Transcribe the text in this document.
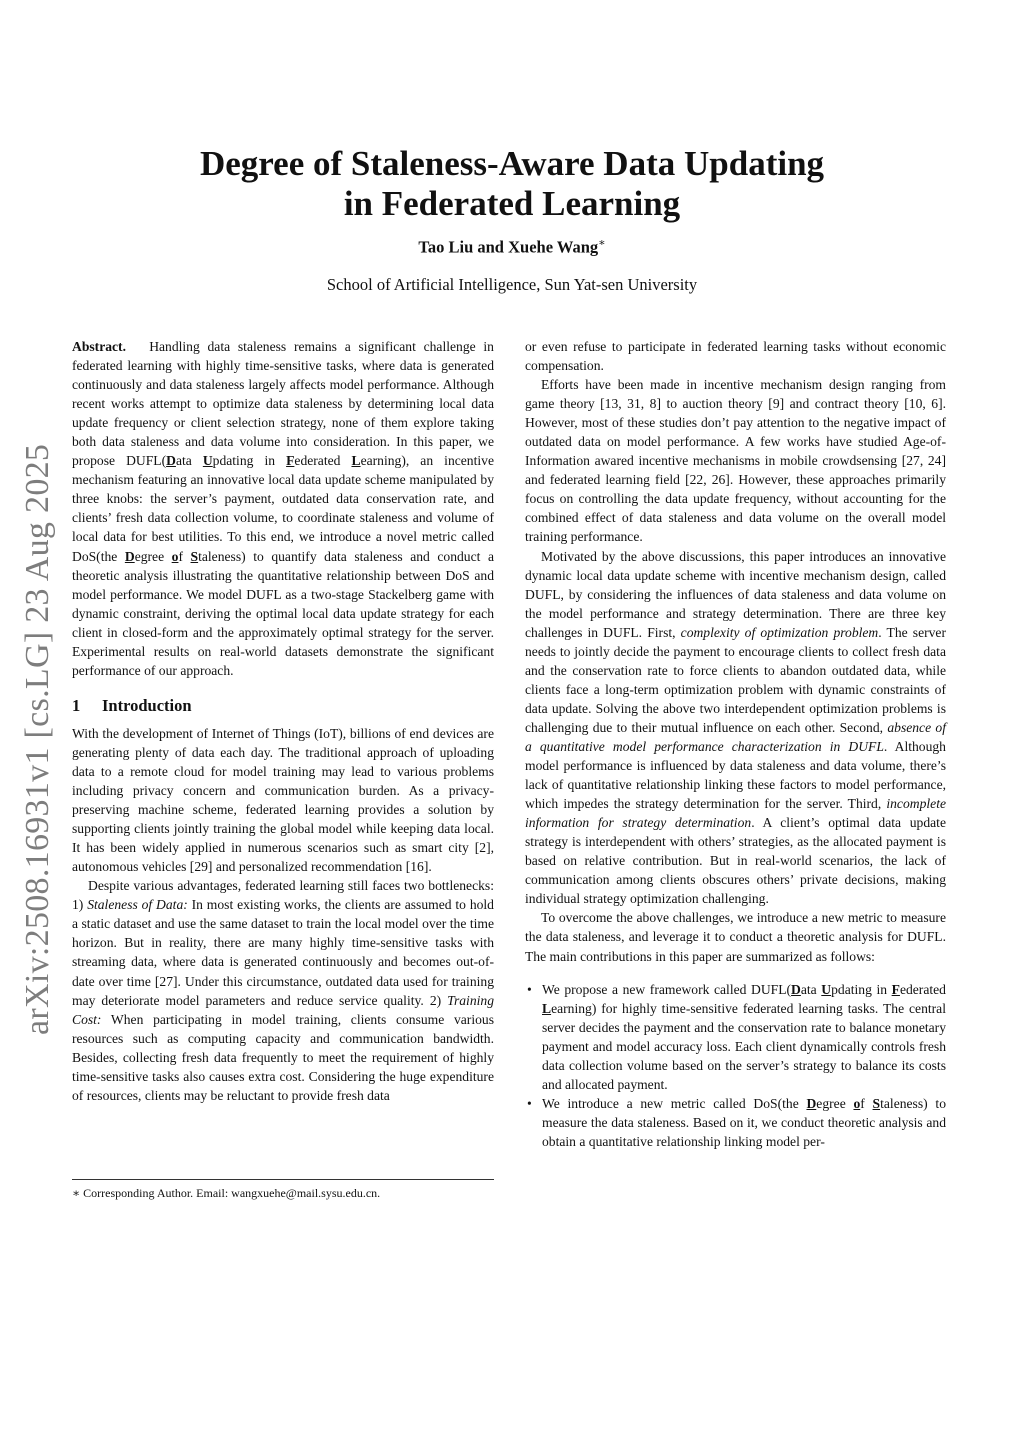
arXiv:2508.16931v1 [cs.LG] 23 Aug 2025
Degree of Staleness-Aware Data Updating
in Federated Learning
Tao Liu and Xuehe Wang∗
School of Artificial Intelligence, Sun Yat-sen University

Abstract. Handling data staleness remains a significant challenge in federated learning with highly time-sensitive tasks, where data is generated continuously and data staleness largely affects model performance. Although recent works attempt to optimize data staleness by determining local data update frequency or client selection strategy, none of them explore taking both data staleness and data volume into consideration. In this paper, we propose DUFL(Data Updating in Federated Learning), an incentive mechanism featuring an innovative local data update scheme manipulated by three knobs: the server’s payment, outdated data conservation rate, and clients’ fresh data collection volume, to coordinate staleness and volume of local data for best utilities. To this end, we introduce a novel metric called DoS(the Degree of Staleness) to quantify data staleness and conduct a theoretic analysis illustrating the quantitative relationship between DoS and model performance. We model DUFL as a two-stage Stackelberg game with dynamic constraint, deriving the optimal local data update strategy for each client in closed-form and the approximately optimal strategy for the server. Experimental results on real-world datasets demonstrate the significant performance of our approach.

1 Introduction

With the development of Internet of Things (IoT), billions of end devices are generating plenty of data each day. The traditional approach of uploading data to a remote cloud for model training may lead to various problems including privacy concern and communication burden. As a privacy-preserving machine scheme, federated learning provides a solution by supporting clients jointly training the global model while keeping data local. It has been widely applied in numerous scenarios such as smart city [2], autonomous vehicles [29] and personalized recommendation [16].

Despite various advantages, federated learning still faces two bottlenecks: 1) Staleness of Data: In most existing works, the clients are assumed to hold a static dataset and use the same dataset to train the local model over the time horizon. But in reality, there are many highly time-sensitive tasks with streaming data, where data is generated continuously and becomes out-of-date over time [27]. Under this circumstance, outdated data used for training may deteriorate model parameters and reduce service quality. 2) Training Cost: When participating in model training, clients consume various resources such as computing capacity and communication bandwidth. Besides, collecting fresh data frequently to meet the requirement of highly time-sensitive tasks also causes extra cost. Considering the huge expenditure of resources, clients may be reluctant to provide fresh data

∗ Corresponding Author. Email: wangxuehe@mail.sysu.edu.cn.

or even refuse to participate in federated learning tasks without economic compensation.

Efforts have been made in incentive mechanism design ranging from game theory [13, 31, 8] to auction theory [9] and contract theory [10, 6]. However, most of these studies don’t pay attention to the negative impact of outdated data on model performance. A few works have studied Age-of-Information awared incentive mechanisms in mobile crowdsensing [27, 24] and federated learning field [22, 26]. However, these approaches primarily focus on controlling the data update frequency, without accounting for the combined effect of data staleness and data volume on the overall model training performance.

Motivated by the above discussions, this paper introduces an innovative dynamic local data update scheme with incentive mechanism design, called DUFL, by considering the influences of data staleness and data volume on the model performance and strategy determination. There are three key challenges in DUFL. First, complexity of optimization problem. The server needs to jointly decide the payment to encourage clients to collect fresh data and the conservation rate to force clients to abandon outdated data, while clients face a long-term optimization problem with dynamic constraints of data update. Solving the above two interdependent optimization problems is challenging due to their mutual influence on each other. Second, absence of a quantitative model performance characterization in DUFL. Although model performance is influenced by data staleness and data volume, there’s lack of quantitative relationship linking these factors to model performance, which impedes the strategy determination for the server. Third, incomplete information for strategy determination. A client’s optimal data update strategy is interdependent with others’ strategies, as the allocated payment is based on relative contribution. But in real-world scenarios, the lack of communication among clients obscures others’ private decisions, making individual strategy optimization challenging.

To overcome the above challenges, we introduce a new metric to measure the data staleness, and leverage it to conduct a theoretic analysis for DUFL. The main contributions in this paper are summarized as follows:

• We propose a new framework called DUFL(Data Updating in Federated Learning) for highly time-sensitive federated learning tasks. The central server decides the payment and the conservation rate to balance monetary payment and model accuracy loss. Each client dynamically controls fresh data collection volume based on the server’s strategy to balance its costs and allocated payment.
• We introduce a new metric called DoS(the Degree of Staleness) to measure the data staleness. Based on it, we conduct theoretic analysis and obtain a quantitative relationship linking model per-
